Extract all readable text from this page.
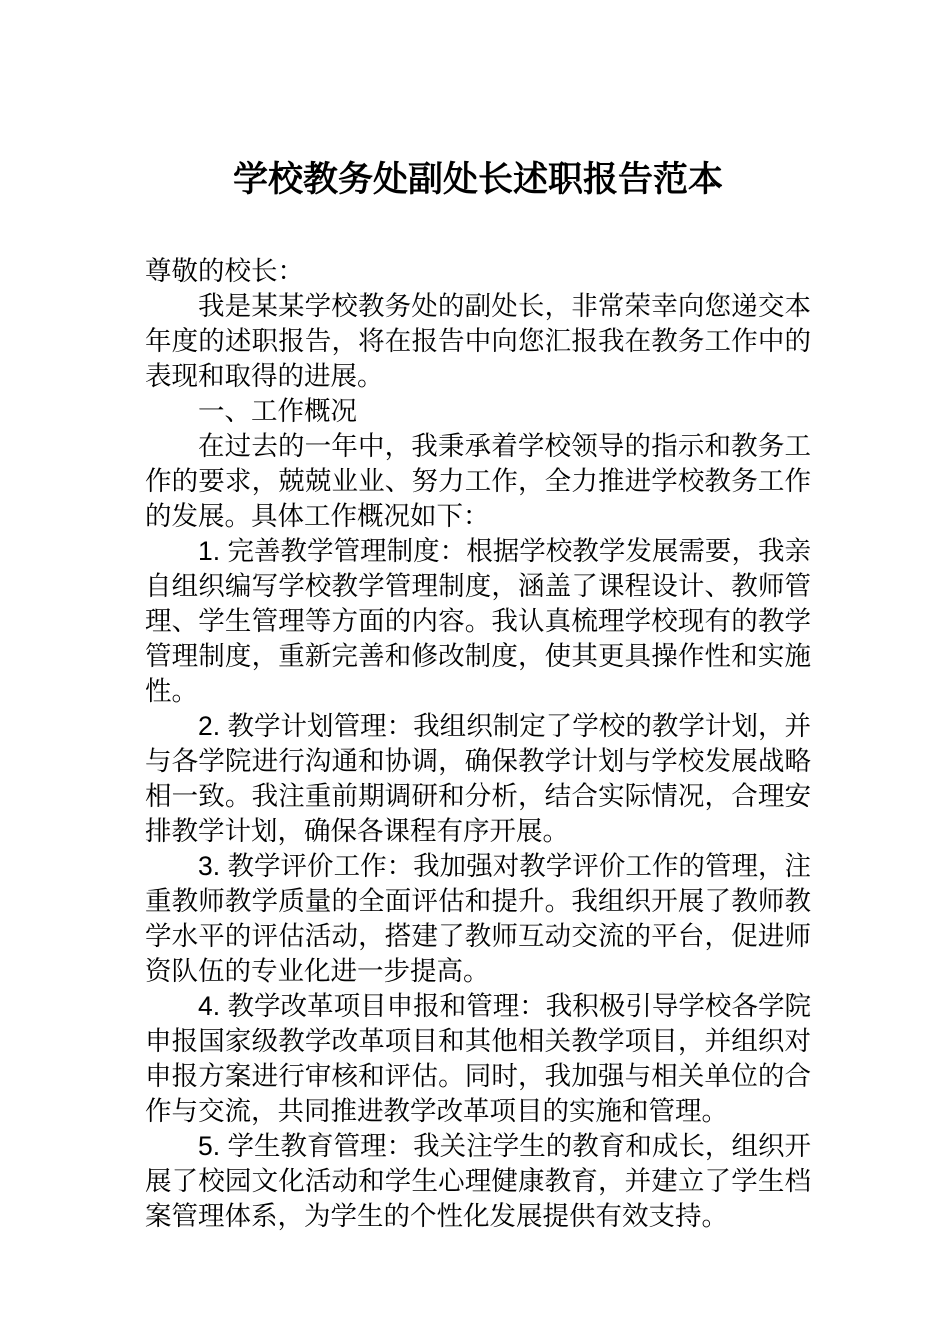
学校教务处副处长述职报告范本

尊敬的校长：

我是某某学校教务处的副处长，非常荣幸向您递交本年度的述职报告，将在报告中向您汇报我在教务工作中的表现和取得的进展。

一、工作概况

在过去的一年中，我秉承着学校领导的指示和教务工作的要求，兢兢业业、努力工作，全力推进学校教务工作的发展。具体工作概况如下：

1. 完善教学管理制度：根据学校教学发展需要，我亲自组织编写学校教学管理制度，涵盖了课程设计、教师管理、学生管理等方面的内容。我认真梳理学校现有的教学管理制度，重新完善和修改制度，使其更具操作性和实施性。

2. 教学计划管理：我组织制定了学校的教学计划，并与各学院进行沟通和协调，确保教学计划与学校发展战略相一致。我注重前期调研和分析，结合实际情况，合理安排教学计划，确保各课程有序开展。

3. 教学评价工作：我加强对教学评价工作的管理，注重教师教学质量的全面评估和提升。我组织开展了教师教学水平的评估活动，搭建了教师互动交流的平台，促进师资队伍的专业化进一步提高。

4. 教学改革项目申报和管理：我积极引导学校各学院申报国家级教学改革项目和其他相关教学项目，并组织对申报方案进行审核和评估。同时，我加强与相关单位的合作与交流，共同推进教学改革项目的实施和管理。

5. 学生教育管理：我关注学生的教育和成长，组织开展了校园文化活动和学生心理健康教育，并建立了学生档案管理体系，为学生的个性化发展提供有效支持。
